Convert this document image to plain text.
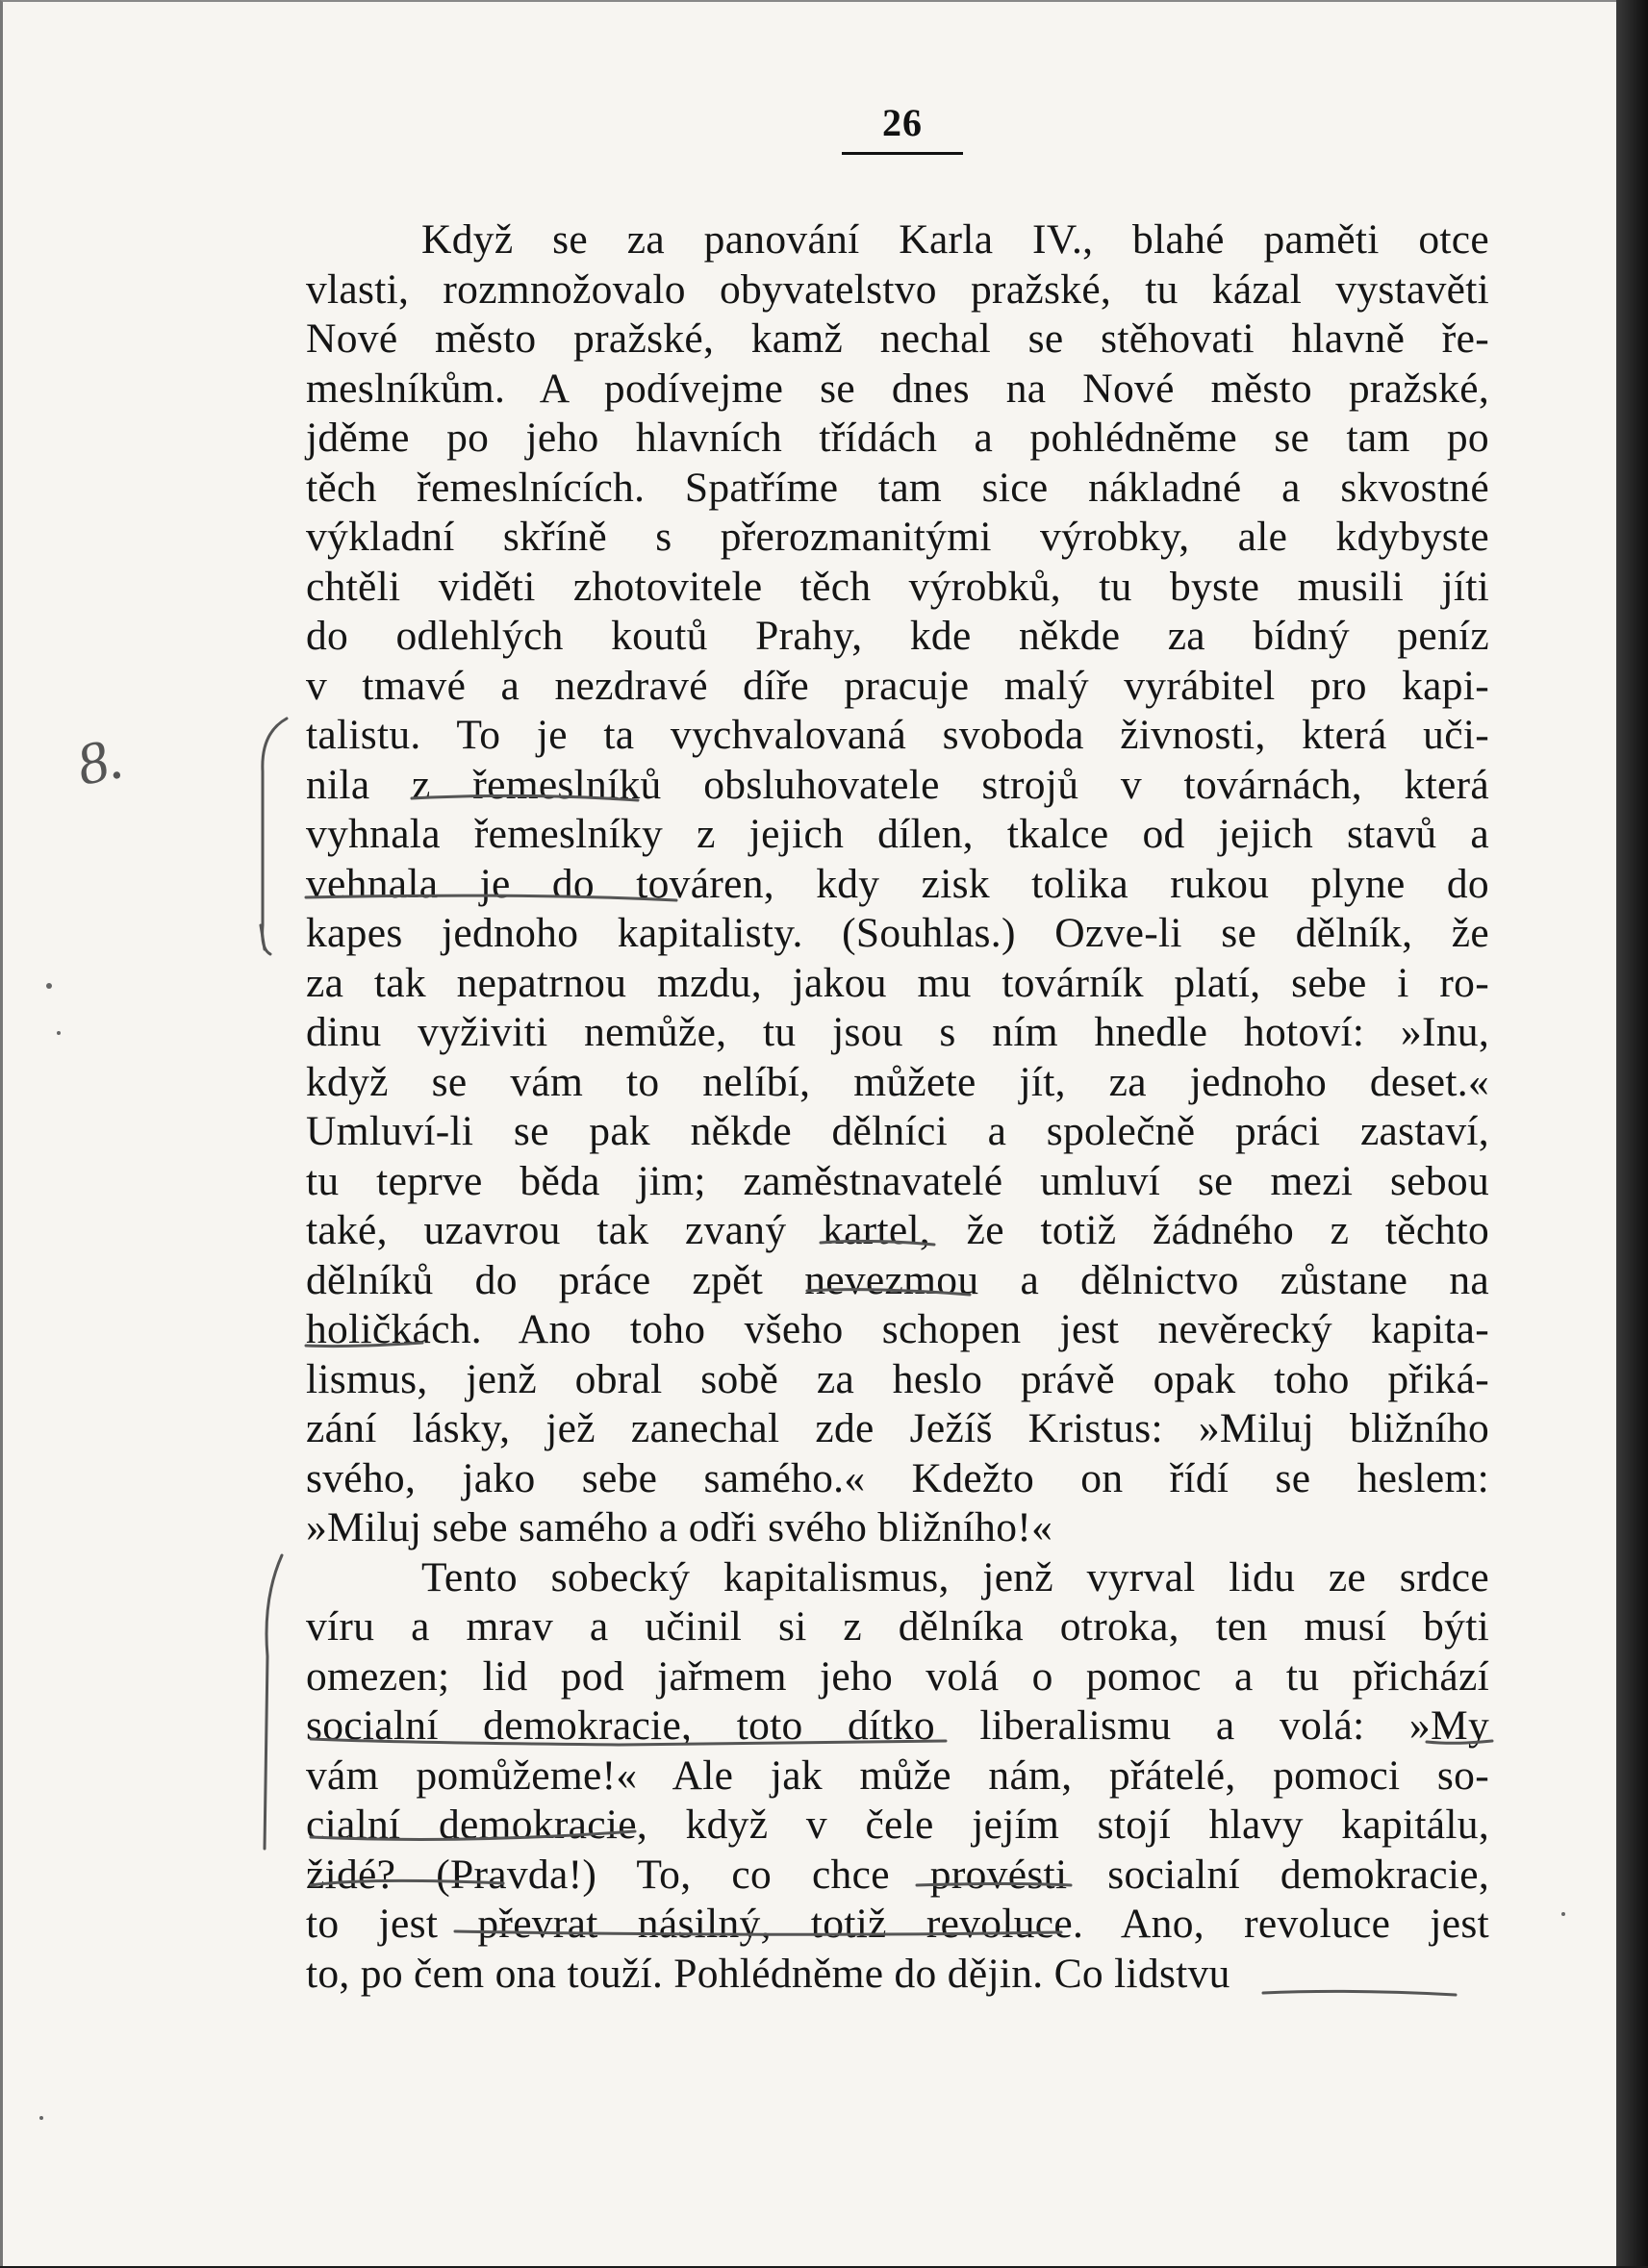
26
8.
Když se za panování Karla IV., blahé paměti otce
vlasti, rozmnožovalo obyvatelstvo pražské, tu kázal vystavěti
Nové město pražské, kamž nechal se stěhovati hlavně ře-
meslníkům. A podívejme se dnes na Nové město pražské,
jděme po jeho hlavních třídách a pohlédněme se tam po
těch řemeslnících. Spatříme tam sice nákladné a skvostné
výkladní skříně s přerozmanitými výrobky, ale kdybyste
chtěli viděti zhotovitele těch výrobků, tu byste musili jíti
do odlehlých koutů Prahy, kde někde za bídný peníz
v tmavé a nezdravé díře pracuje malý vyrábitel pro kapi-
talistu. To je ta vychvalovaná svoboda živnosti, která uči-
nila z řemeslníků obsluhovatele strojů v továrnách, která
vyhnala řemeslníky z jejich dílen, tkalce od jejich stavů a
vehnala je do továren, kdy zisk tolika rukou plyne do
kapes jednoho kapitalisty. (Souhlas.) Ozve-li se dělník, že
za tak nepatrnou mzdu, jakou mu továrník platí, sebe i ro-
dinu vyživiti nemůže, tu jsou s ním hnedle hotoví: »Inu,
když se vám to nelíbí, můžete jít, za jednoho deset.«
Umluví-li se pak někde dělníci a společně práci zastaví,
tu teprve běda jim; zaměstnavatelé umluví se mezi sebou
také, uzavrou tak zvaný kartel, že totiž žádného z těchto
dělníků do práce zpět nevezmou a dělnictvo zůstane na
holičkách. Ano toho všeho schopen jest nevěrecký kapita-
lismus, jenž obral sobě za heslo právě opak toho přiká-
zání lásky, jež zanechal zde Ježíš Kristus: »Miluj bližního
svého, jako sebe samého.« Kdežto on řídí se heslem:
»Miluj sebe samého a odři svého bližního!«
Tento sobecký kapitalismus, jenž vyrval lidu ze srdce
víru a mrav a učinil si z dělníka otroka, ten musí býti
omezen; lid pod jařmem jeho volá o pomoc a tu přichází
socialní demokracie, toto dítko liberalismu a volá: »My
vám pomůžeme!« Ale jak může nám, přátelé, pomoci so-
cialní demokracie, když v čele jejím stojí hlavy kapitálu,
židé? (Pravda!) To, co chce provésti socialní demokracie,
to jest převrat násilný, totiž revoluce. Ano, revoluce jest
to, po čem ona touží. Pohlédněme do dějin. Co lidstvu
